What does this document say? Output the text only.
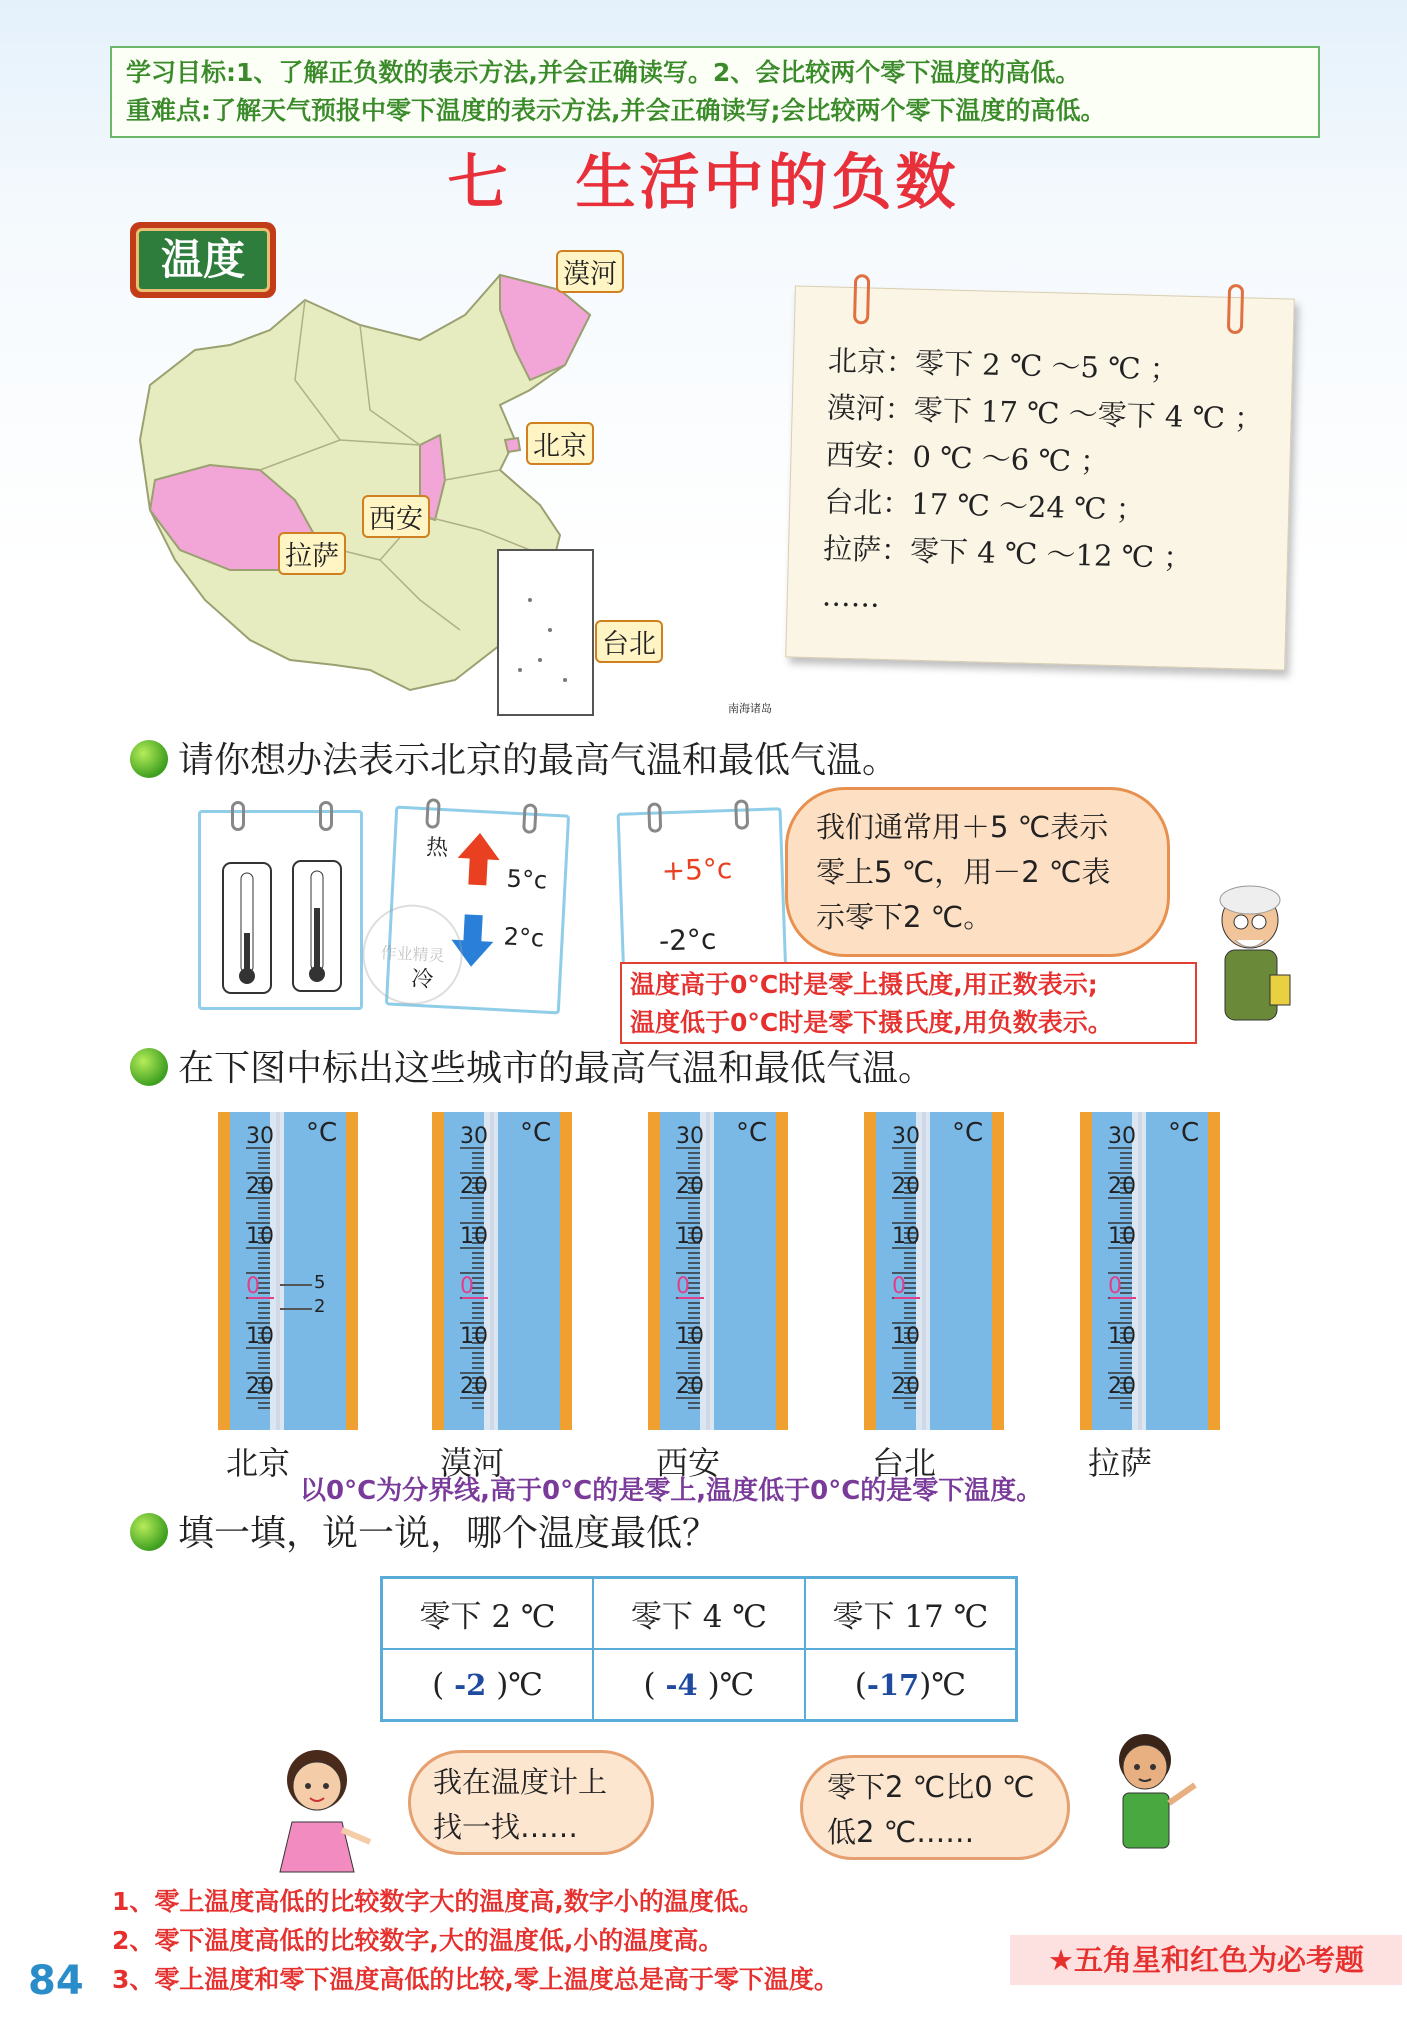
学习目标:1、了解正负数的表示方法,并会正确读写。2、会比较两个零下温度的高低。
重难点:了解天气预报中零下温度的表示方法,并会正确读写;会比较两个零下温度的高低。
七　生活中的负数
温度	漠河
北京
西安
拉萨
台北
南海诸岛
北京：零下 2 ℃ ～5 ℃ ；
漠河：零下 17 ℃ ～零下 4 ℃ ；
西安：0 ℃ ～6 ℃ ；
台北：17 ℃ ～24 ℃ ；
拉萨：零下 4 ℃ ～12 ℃ ；
……
请你想办法表示北京的最高气温和最低气温。
热
5°c
2°c
冷
作业精灵
+5°c
-2°c
我们通常用＋5 ℃表示
零上5 ℃，用－2 ℃表
示零下2 ℃。
温度高于0°C时是零上摄氏度,用正数表示;
温度低于0°C时是零下摄氏度,用负数表示。
在下图中标出这些城市的最高气温和最低气温。
30
20
10
0
10
20
°C
5
2
北京
30
20
10
0
10
20
°C
漠河
30
20
10
0
10
20
°C
西安
30
20
10
0
10
20
°C
台北
30
20
10
0
10
20
°C
拉萨
以0°C为分界线,高于0°C的是零上,温度低于0°C的是零下温度。
填一填，说一说，哪个温度最低？
零下 2 ℃	零下 4 ℃	零下 17 ℃
( -2 )℃	( -4 )℃	(-17)℃
我在温度计上
找一找……
零下2 ℃比0 ℃
低2 ℃……
1、零上温度高低的比较数字大的温度高,数字小的温度低。
2、零下温度高低的比较数字,大的温度低,小的温度高。
3、零上温度和零下温度高低的比较,零上温度总是高于零下温度。
84	★五角星和红色为必考题
